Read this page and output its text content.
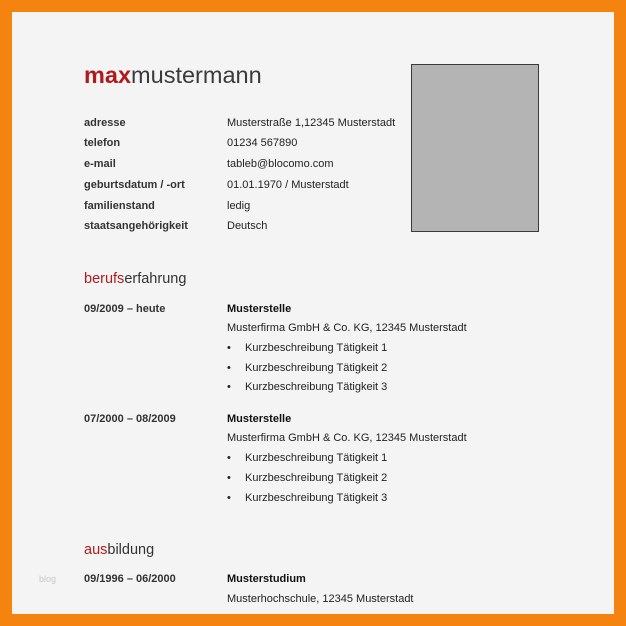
maxmustermann
adresse	Musterstraße 1,12345 Musterstadt
telefon	01234 567890
e-mail	tableb@blocomo.com
geburtsdatum / -ort	01.01.1970 / Musterstadt
familienstand	ledig
staatsangehörigkeit	Deutsch
berufserfahrung
09/2009 – heute	Musterstelle
Musterfirma GmbH & Co. KG, 12345 Musterstadt
• Kurzbeschreibung Tätigkeit 1
• Kurzbeschreibung Tätigkeit 2
• Kurzbeschreibung Tätigkeit 3
07/2000 – 08/2009	Musterstelle
Musterfirma GmbH & Co. KG, 12345 Musterstadt
• Kurzbeschreibung Tätigkeit 1
• Kurzbeschreibung Tätigkeit 2
• Kurzbeschreibung Tätigkeit 3
ausbildung
09/1996 – 06/2000	Musterstudium
Musterhochschule, 12345 Musterstadt
blog
